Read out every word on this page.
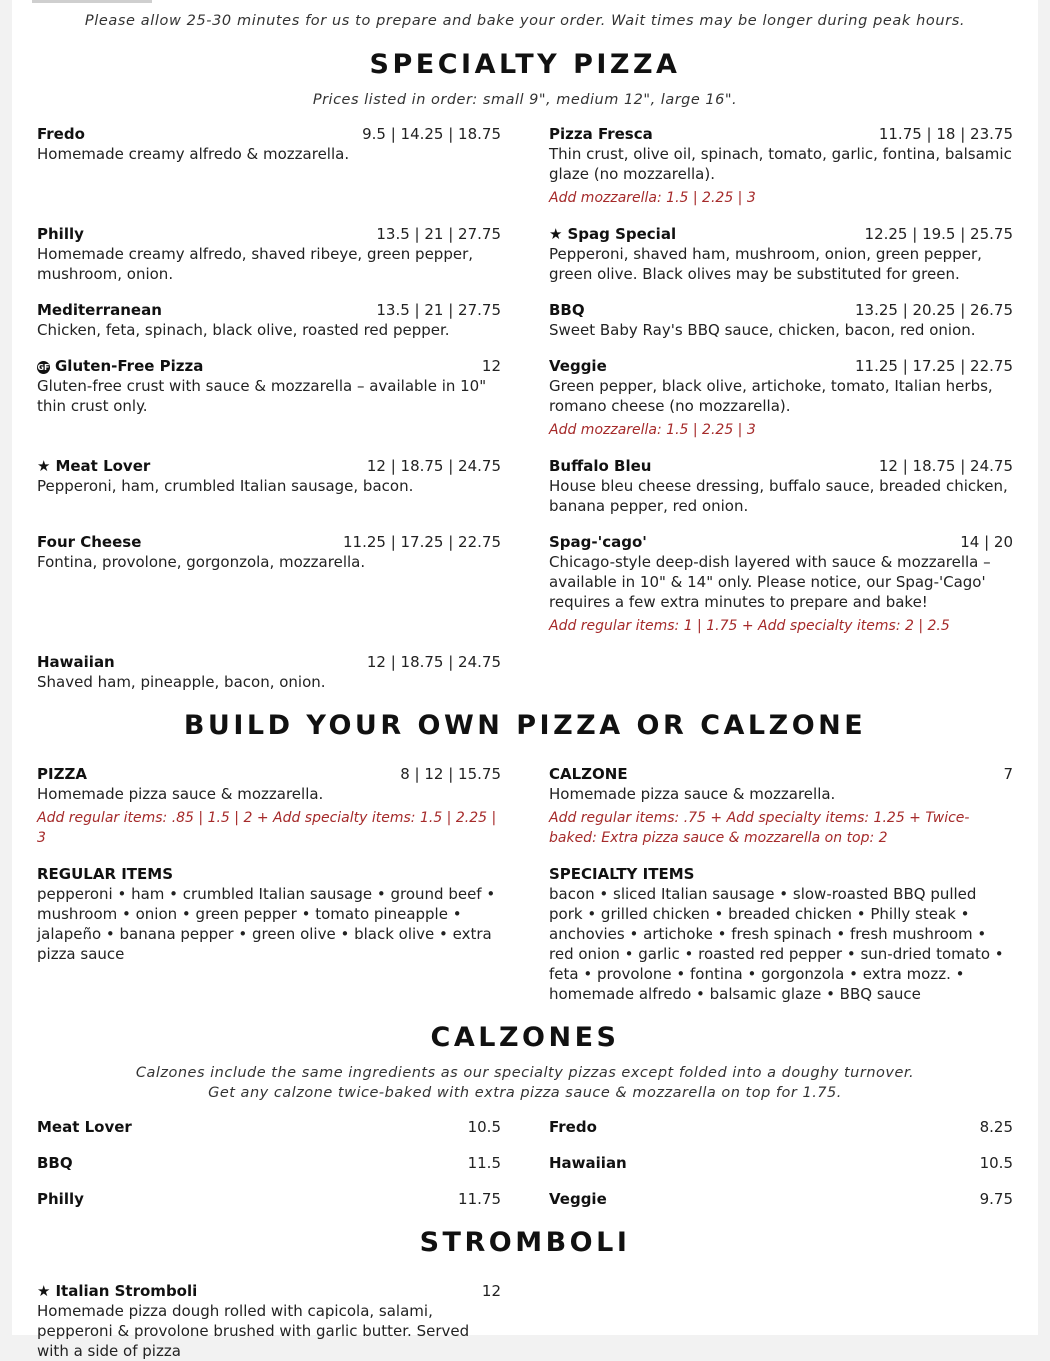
Please allow 25-30 minutes for us to prepare and bake your order. Wait times may be longer during peak hours.
SPECIALTY PIZZA
Prices listed in order: small 9", medium 12", large 16".
Fredo	9.5 | 14.25 | 18.75
Homemade creamy alfredo & mozzarella.
Philly	13.5 | 21 | 27.75
Homemade creamy alfredo, shaved ribeye, green pepper, mushroom, onion.
Mediterranean	13.5 | 21 | 27.75
Chicken, feta, spinach, black olive, roasted red pepper.
GF Gluten-Free Pizza	12
Gluten-free crust with sauce & mozzarella – available in 10" thin crust only.
★ Meat Lover	12 | 18.75 | 24.75
Pepperoni, ham, crumbled Italian sausage, bacon.
Four Cheese	11.25 | 17.25 | 22.75
Fontina, provolone, gorgonzola, mozzarella.
Hawaiian	12 | 18.75 | 24.75
Shaved ham, pineapple, bacon, onion.
Pizza Fresca	11.75 | 18 | 23.75
Thin crust, olive oil, spinach, tomato, garlic, fontina, balsamic glaze (no mozzarella).
Add mozzarella: 1.5 | 2.25 | 3
★ Spag Special	12.25 | 19.5 | 25.75
Pepperoni, shaved ham, mushroom, onion, green pepper, green olive. Black olives may be substituted for green.
BBQ	13.25 | 20.25 | 26.75
Sweet Baby Ray's BBQ sauce, chicken, bacon, red onion.
Veggie	11.25 | 17.25 | 22.75
Green pepper, black olive, artichoke, tomato, Italian herbs, romano cheese (no mozzarella).
Add mozzarella: 1.5 | 2.25 | 3
Buffalo Bleu	12 | 18.75 | 24.75
House bleu cheese dressing, buffalo sauce, breaded chicken, banana pepper, red onion.
Spag-'cago'	14 | 20
Chicago-style deep-dish layered with sauce & mozzarella – available in 10" & 14" only. Please notice, our Spag-'Cago' requires a few extra minutes to prepare and bake!
Add regular items: 1 | 1.75 + Add specialty items: 2 | 2.5
BUILD YOUR OWN PIZZA OR CALZONE
PIZZA	8 | 12 | 15.75
Homemade pizza sauce & mozzarella.
Add regular items: .85 | 1.5 | 2 + Add specialty items: 1.5 | 2.25 | 3
CALZONE	7
Homemade pizza sauce & mozzarella.
Add regular items: .75 + Add specialty items: 1.25 + Twice-baked: Extra pizza sauce & mozzarella on top: 2
REGULAR ITEMS
pepperoni • ham • crumbled Italian sausage • ground beef • mushroom • onion • green pepper • tomato pineapple • jalapeño • banana pepper • green olive • black olive • extra pizza sauce
SPECIALTY ITEMS
bacon • sliced Italian sausage • slow-roasted BBQ pulled pork • grilled chicken • breaded chicken • Philly steak • anchovies • artichoke • fresh spinach • fresh mushroom • red onion • garlic • roasted red pepper • sun-dried tomato • feta • provolone • fontina • gorgonzola • extra mozz. • homemade alfredo • balsamic glaze • BBQ sauce
CALZONES
Calzones include the same ingredients as our specialty pizzas except folded into a doughy turnover.
Get any calzone twice-baked with extra pizza sauce & mozzarella on top for 1.75.
Meat Lover	10.5	Fredo	8.25
BBQ	11.5	Hawaiian	10.5
Philly	11.75	Veggie	9.75
STROMBOLI
★ Italian Stromboli	12
Homemade pizza dough rolled with capicola, salami, pepperoni & provolone brushed with garlic butter. Served with a side of pizza
